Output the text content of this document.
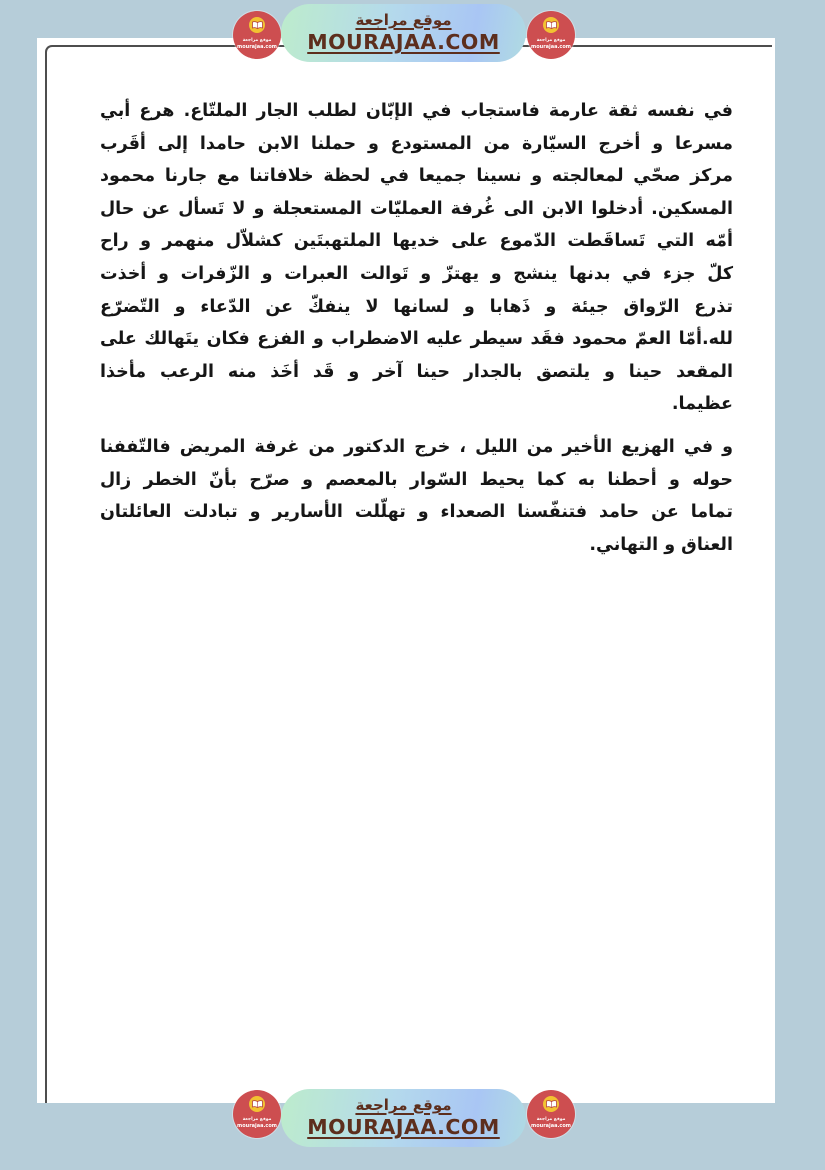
في نفسه ثقة عارمة فاستجاب في الإبّان لطلب الجار الملتّاع. هرع أبي
مسرعا و أخرج السيّارة من المستودع و حملنا الابن حامدا إلى أقَرب
مركز صحّي لمعالجته و نسينا جميعا في لحظة خلافاتنا مع جارنا محمود
المسكين. أدخلوا الابن الى غُرفة العمليّات المستعجلة و لا تَسأل عن حال
أمّه التي تَساقَطت الدّموع على خديها الملتهبتَين كشلاّل منهمر و راح
كلّ جزء في بدنها ينشج و يهتزّ و تَوالت العبرات و الزّفرات و أخذت
تذرع الرّواق جيئة و ذَهابا و لسانها لا ينفكّ عن الدّعاء و التّضرّع
لله.أمّا العمّ محمود فقَد سيطر عليه الاضطراب و الفزع فكان يتَهالك على
المقعد حينا و يلتصق بالجدار حينا آخر و قَد أخَذ منه الرعب مأخذا
عظيما.
و في الهزيع الأخير من الليل ، خرج الدكتور من غرفة المريض فالتّففنا
حوله و أحطنا به كما يحيط السّوار بالمعصم و صرّح بأنّ الخطر زال
تماما عن حامد فتنفّسنا الصعداء و تهلّلت الأسارير و تبادلت العائلتان
العناق و التهاني.
موقع مراجعة
mourajaa.com
موقع مراجعة
MOURAJAA.COM	موقع مراجعة
mourajaa.com
موقع مراجعة
mourajaa.com
موقع مراجعة
MOURAJAA.COM	موقع مراجعة
mourajaa.com
